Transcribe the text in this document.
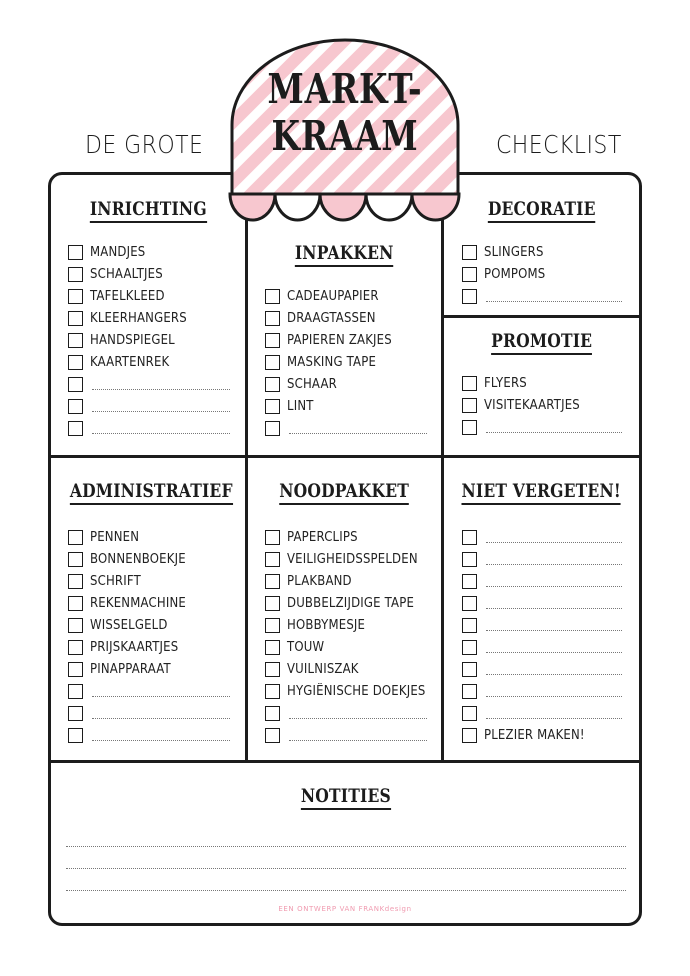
DE GROTE	CHECKLIST
MARKT-
KRAAM
INRICHTING
INPAKKEN
DECORATIE
PROMOTIE
ADMINISTRATIEF	NOODPAKKET	NIET VERGETEN!
NOTITIES
MANDJES
SCHAALTJES
TAFELKLEED
KLEERHANGERS
HANDSPIEGEL
KAARTENREK
CADEAUPAPIER
DRAAGTASSEN
PAPIEREN ZAKJES
MASKING TAPE
SCHAAR
LINT
SLINGERS
POMPOMS
FLYERS
VISITEKAARTJES
PENNEN
BONNENBOEKJE
SCHRIFT
REKENMACHINE
WISSELGELD
PRIJSKAARTJES
PINAPPARAAT
PAPERCLIPS
VEILIGHEIDSSPELDEN
PLAKBAND
DUBBELZIJDIGE TAPE
HOBBYMESJE
TOUW
VUILNISZAK
HYGIËNISCHE DOEKJES
PLEZIER MAKEN!
EEN ONTWERP VAN FRANKdesign
